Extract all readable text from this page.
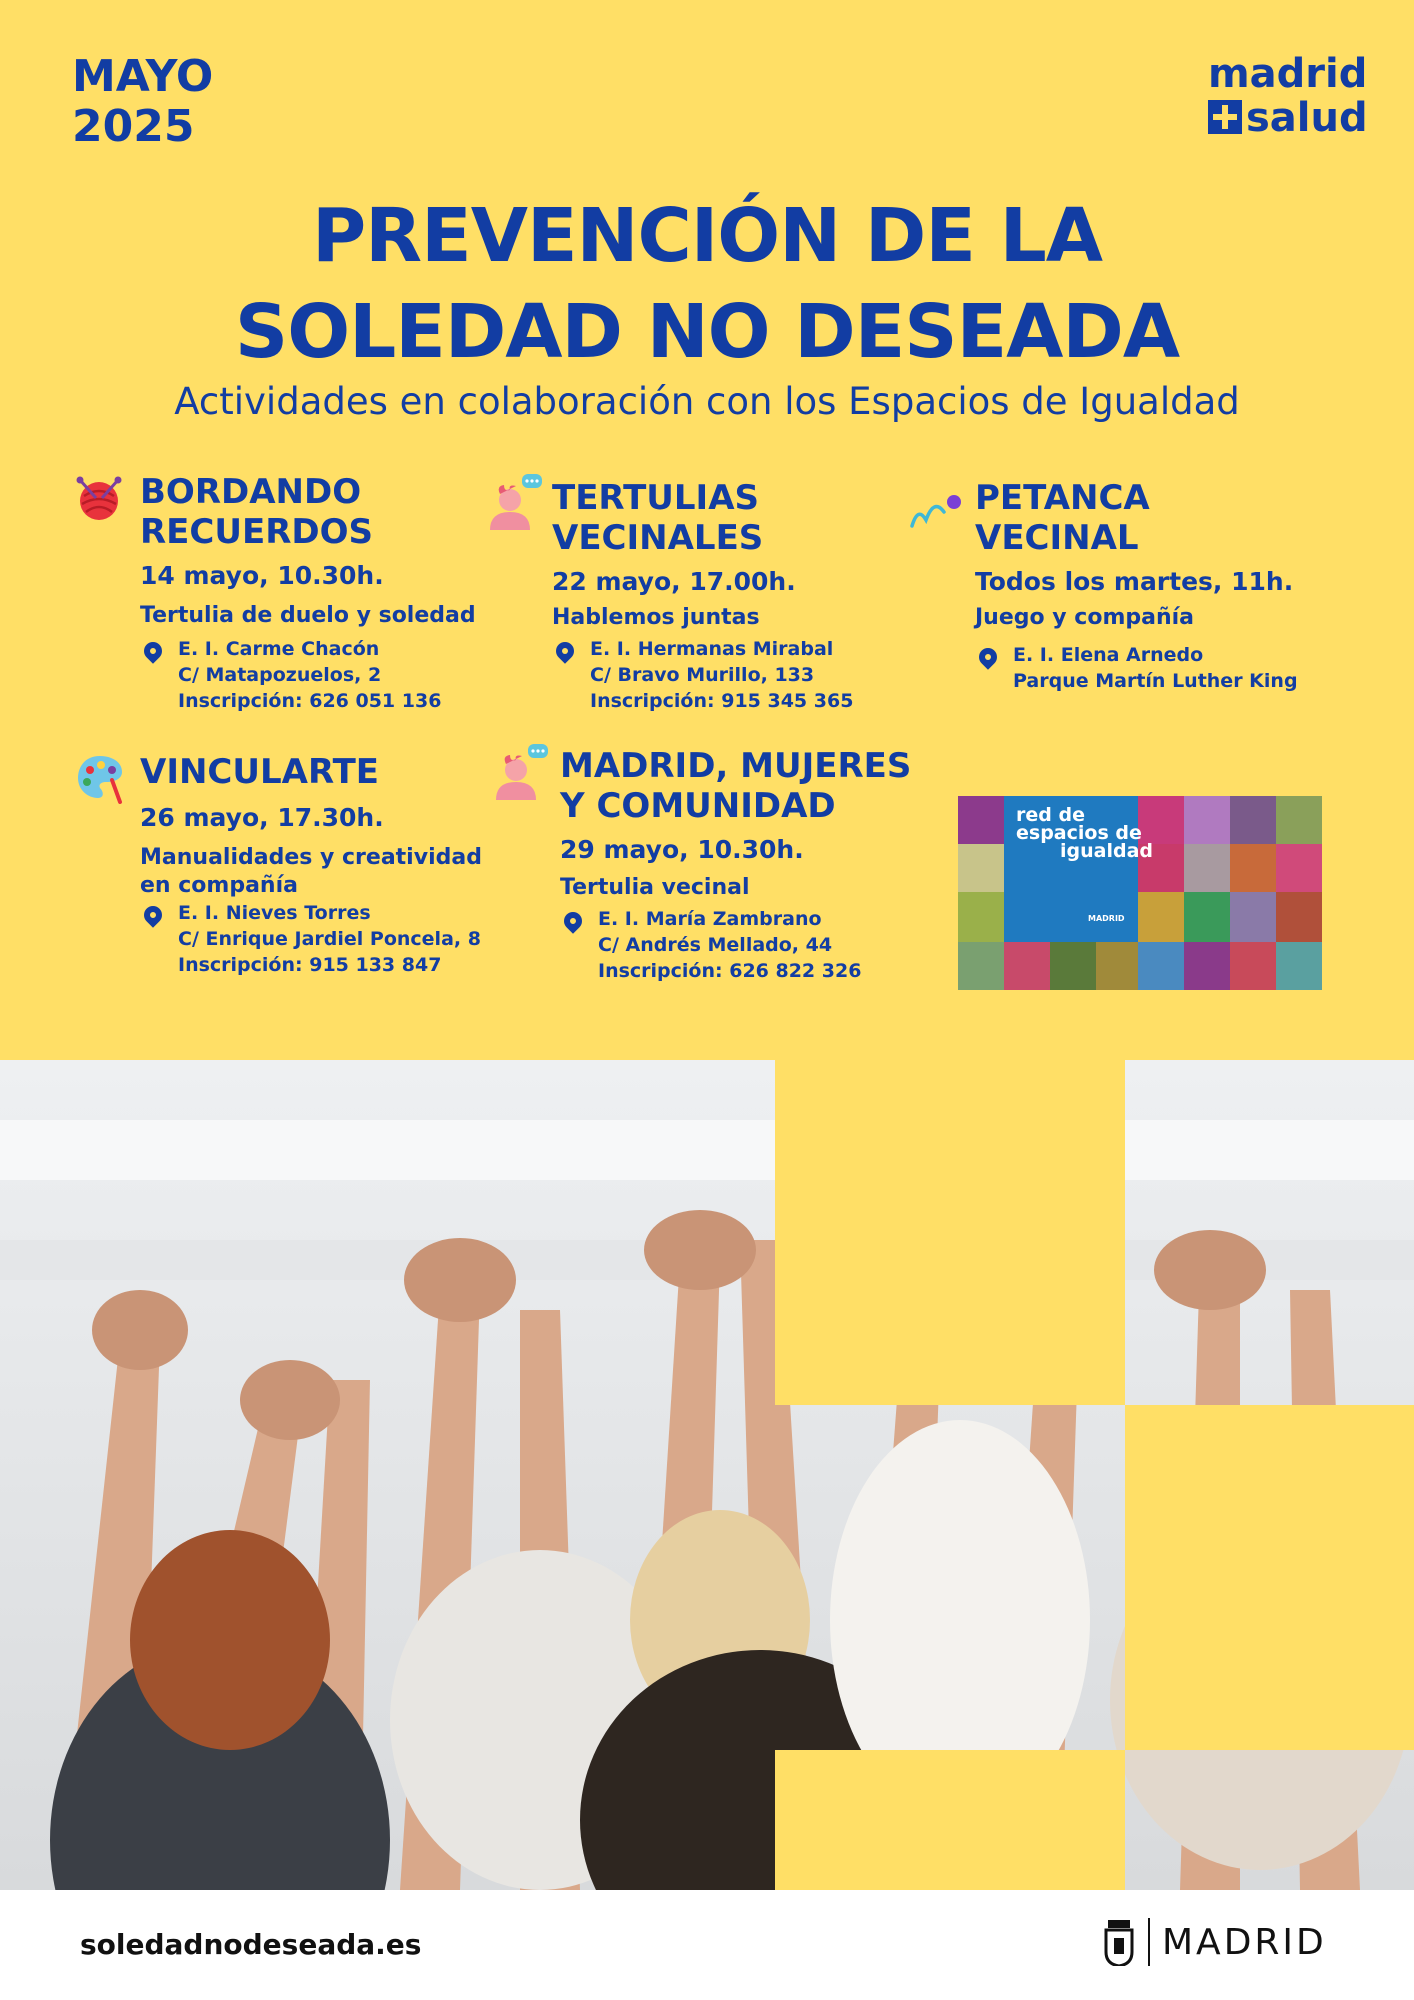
MAYO
2025
madrid
salud
PREVENCIÓN DE LA
SOLEDAD NO DESEADA
Actividades en colaboración con los Espacios de Igualdad
BORDANDO
RECUERDOS
14 mayo, 10.30h.
Tertulia de duelo y soledad
E. I. Carme Chacón
C/ Matapozuelos, 2
Inscripción: 626 051 136
TERTULIAS
VECINALES
22 mayo, 17.00h.
Hablemos juntas
E. I. Hermanas Mirabal
C/ Bravo Murillo, 133
Inscripción: 915 345 365
PETANCA
VECINAL
Todos los martes, 11h.
Juego y compañía
E. I. Elena Arnedo
Parque Martín Luther King
VINCULARTE
26 mayo, 17.30h.
Manualidades y creatividad
en compañía
E. I. Nieves Torres
C/ Enrique Jardiel Poncela, 8
Inscripción: 915 133 847
MADRID, MUJERES
Y COMUNIDAD
29 mayo, 10.30h.
Tertulia vecinal
E. I. María Zambrano
C/ Andrés Mellado, 44
Inscripción: 626 822 326
red de
espacios de
igualdad
MADRID
soledadnodeseada.es	MADRID
